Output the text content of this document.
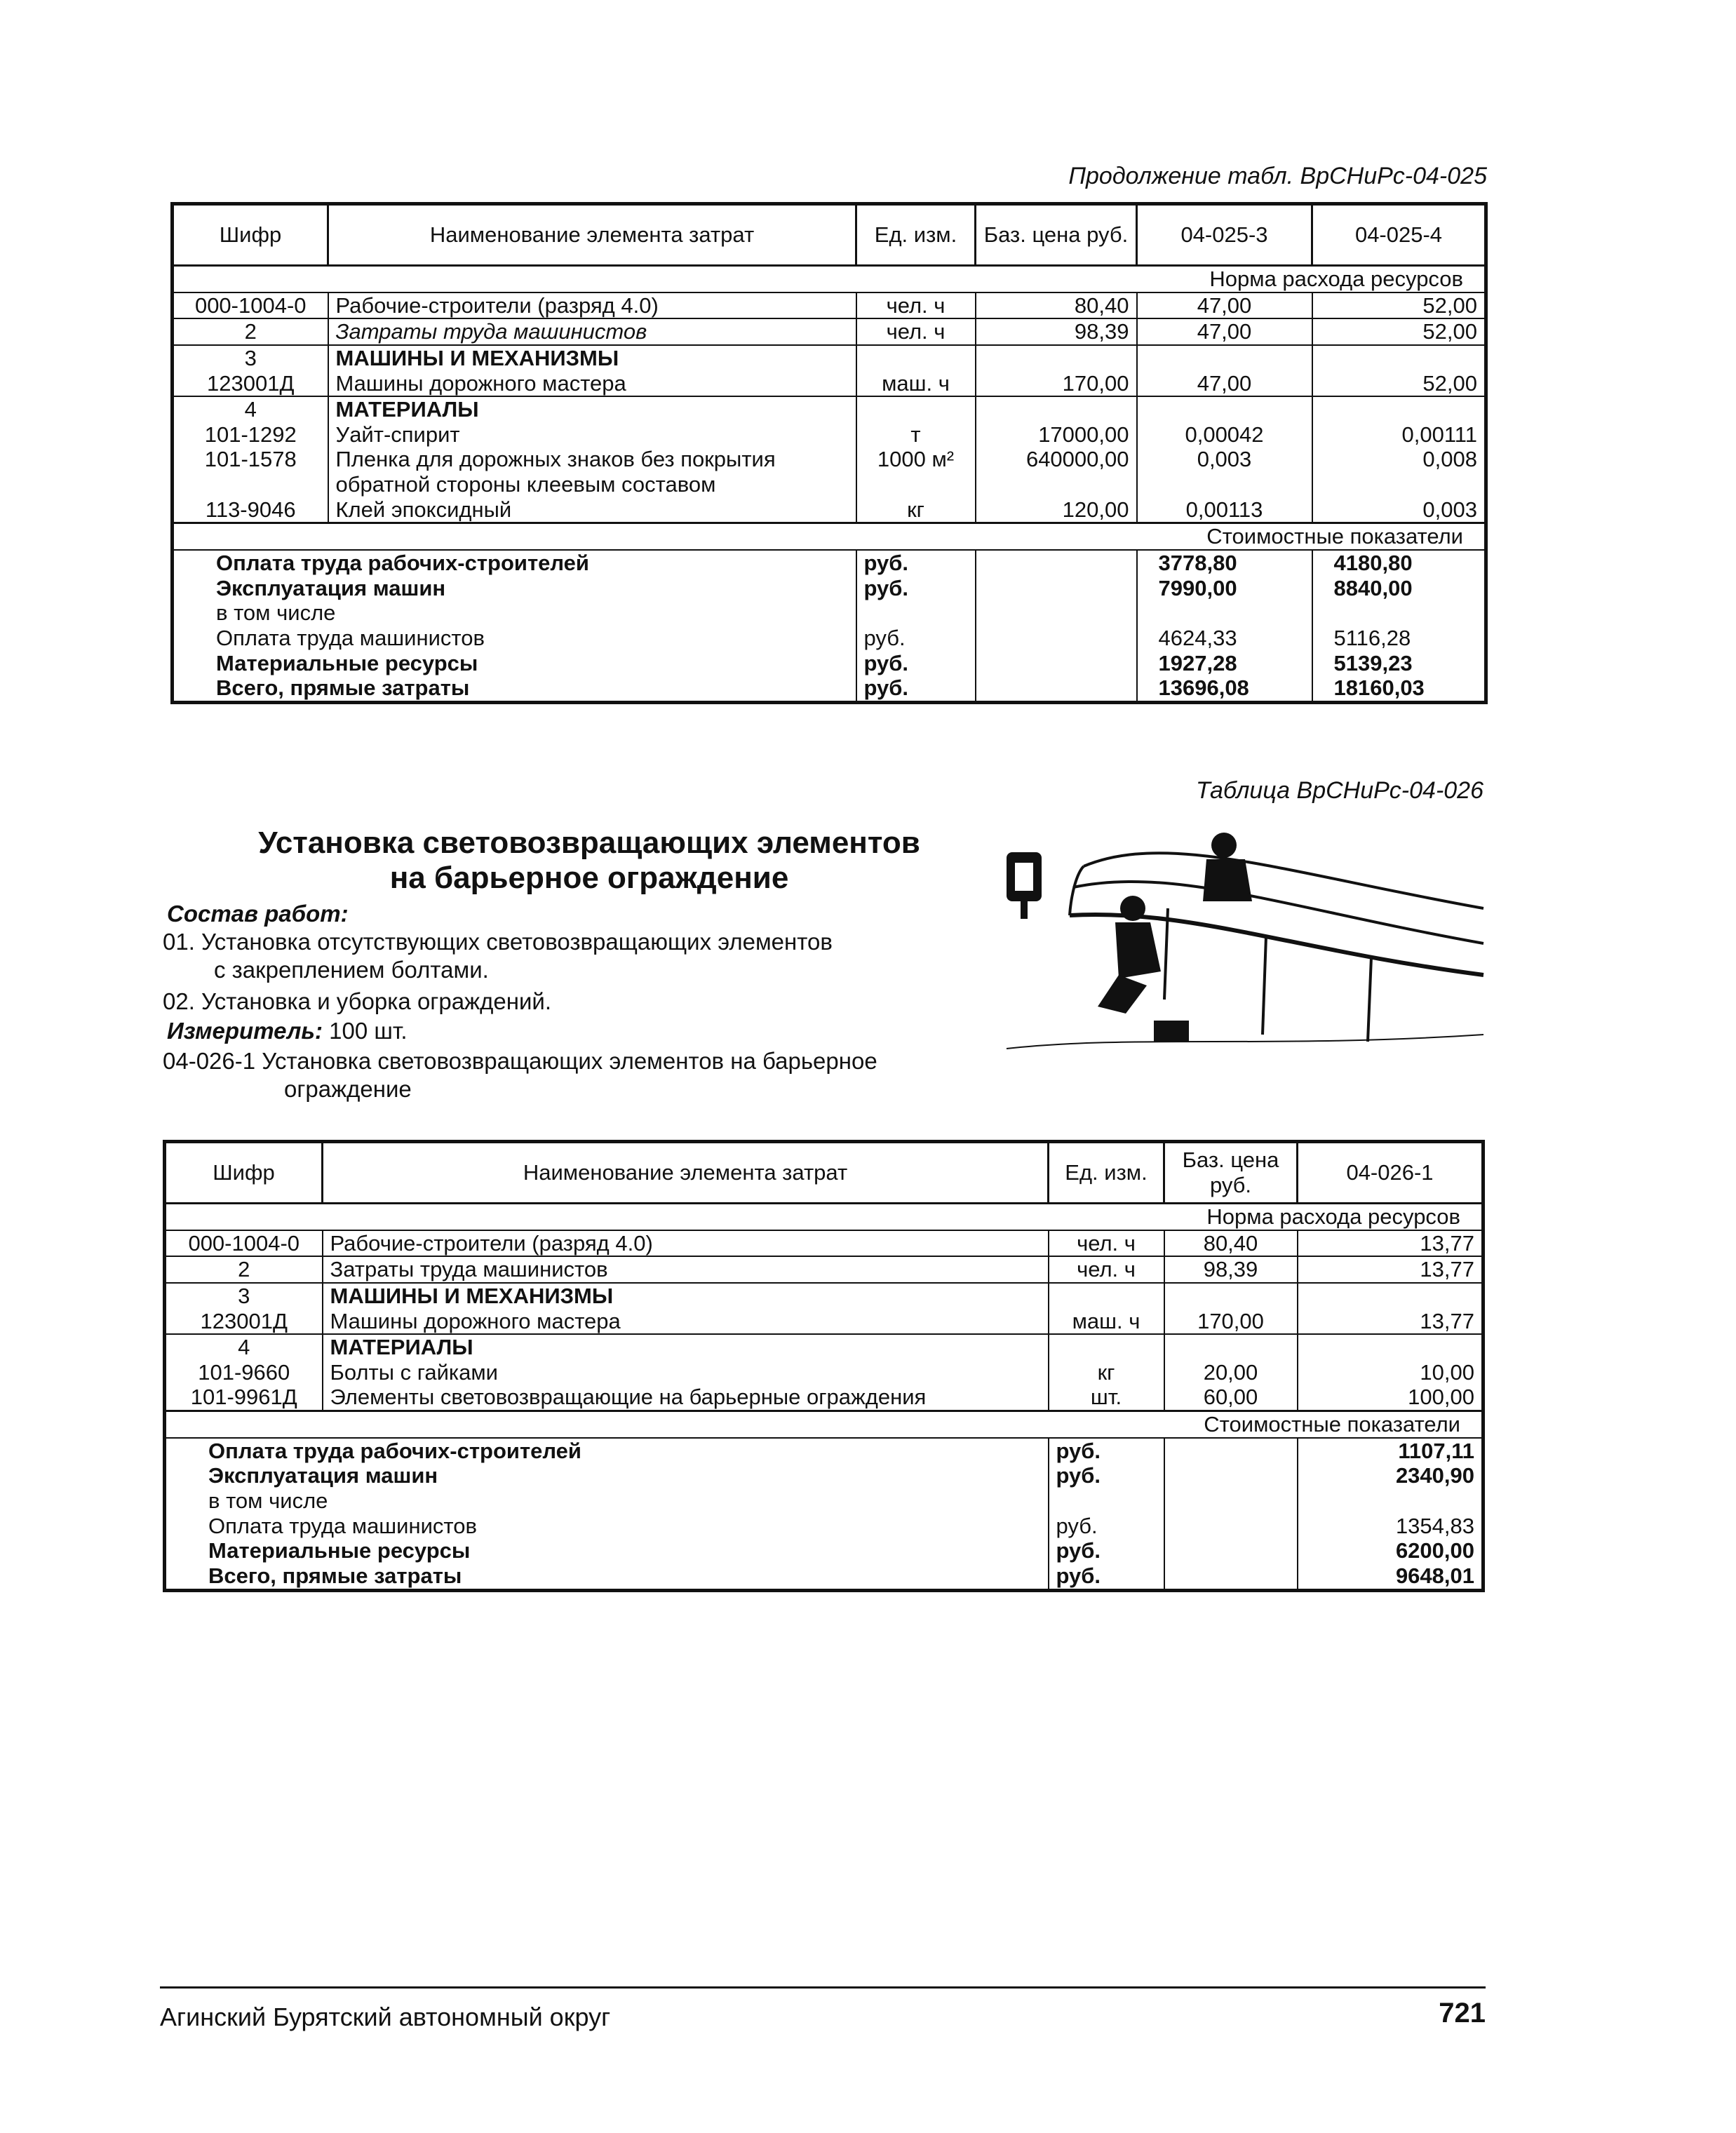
Продолжение табл. ВрСНиРс-04-025
Шифр	Наименование элемента затрат	Ед. изм.	Баз. цена руб.	04-025-3	04-025-4
Норма расхода ресурсов					
000-1004-0	Рабочие-строители (разряд 4.0)	чел. ч	80,40	47,00	52,00
2	Затраты труда машинистов	чел. ч	98,39	47,00	52,00
3	МАШИНЫ И МЕХАНИЗМЫ				
123001Д	Машины дорожного мастера	маш. ч	170,00	47,00	52,00
4	МАТЕРИАЛЫ				
101-1292	Уайт-спирит	т	17000,00	0,00042	0,00111
101-1578	Пленка для дорожных знаков без покрытия	1000 м²	640000,00	0,003	0,008
	обратной стороны клеевым составом				
113-9046	Клей эпоксидный	кг	120,00	0,00113	0,003
Стоимостные показатели					
Оплата труда рабочих-строителей		руб.		3778,80	4180,80
Эксплуатация машин		руб.		7990,00	8840,00
в том числе					
Оплата труда машинистов		руб.		4624,33	5116,28
Материальные ресурсы		руб.		1927,28	5139,23
Всего, прямые затраты		руб.		13696,08	18160,03
Таблица ВрСНиРс-04-026
Установка световозвращающих элементов
на барьерное ограждение
Состав работ:
01. Установка отсутствующих световозвращающих элементов
с закреплением болтами.
02. Установка и уборка ограждений.
Измеритель: 100 шт.
04-026-1 Установка световозвращающих элементов на барьерное
ограждение
Шифр	Наименование элемента затрат	Ед. изм.	Баз. цена руб.	04-026-1
Норма расхода ресурсов				
000-1004-0	Рабочие-строители (разряд 4.0)	чел. ч	80,40	13,77
2	Затраты труда машинистов	чел. ч	98,39	13,77
3	МАШИНЫ И МЕХАНИЗМЫ			
123001Д	Машины дорожного мастера	маш. ч	170,00	13,77
4	МАТЕРИАЛЫ			
101-9660	Болты с гайками	кг	20,00	10,00
101-9961Д	Элементы световозвращающие на барьерные ограждения	шт.	60,00	100,00
Стоимостные показатели				
Оплата труда рабочих-строителей		руб.		1107,11
Эксплуатация машин		руб.		2340,90
в том числе				
Оплата труда машинистов		руб.		1354,83
Материальные ресурсы		руб.		6200,00
Всего, прямые затраты		руб.		9648,01
Агинский Бурятский автономный округ	721
